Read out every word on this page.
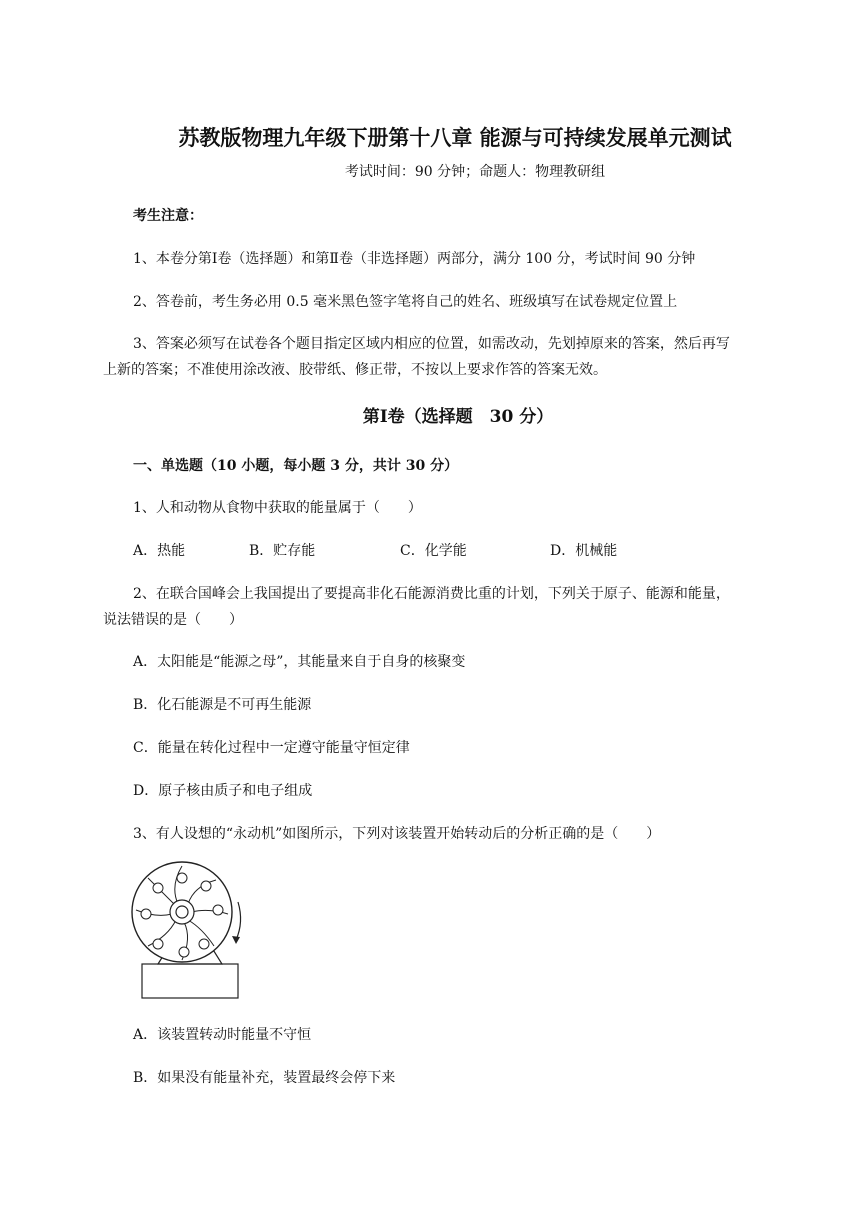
苏教版物理九年级下册第十八章 能源与可持续发展单元测试
考试时间：90 分钟；命题人：物理教研组
考生注意：
1、本卷分第Ⅰ卷（选择题）和第Ⅱ卷（非选择题）两部分，满分 100 分，考试时间 90 分钟
2、答卷前，考生务必用 0.5 毫米黑色签字笔将自己的姓名、班级填写在试卷规定位置上
3、答案必须写在试卷各个题目指定区域内相应的位置，如需改动，先划掉原来的答案，然后再写
上新的答案；不准使用涂改液、胶带纸、修正带，不按以上要求作答的答案无效。
第Ⅰ卷（选择题　30 分）
一、单选题（10 小题，每小题 3 分，共计 30 分）
1、人和动物从食物中获取的能量属于（　　）
A．热能	B．贮存能	C．化学能	D．机械能
2、在联合国峰会上我国提出了要提高非化石能源消费比重的计划，下列关于原子、能源和能量，
说法错误的是（　　）
A．太阳能是“能源之母”，其能量来自于自身的核聚变
B．化石能源是不可再生能源
C．能量在转化过程中一定遵守能量守恒定律
D．原子核由质子和电子组成
3、有人设想的“永动机”如图所示，下列对该装置开始转动后的分析正确的是（　　）
A．该装置转动时能量不守恒
B．如果没有能量补充，装置最终会停下来
